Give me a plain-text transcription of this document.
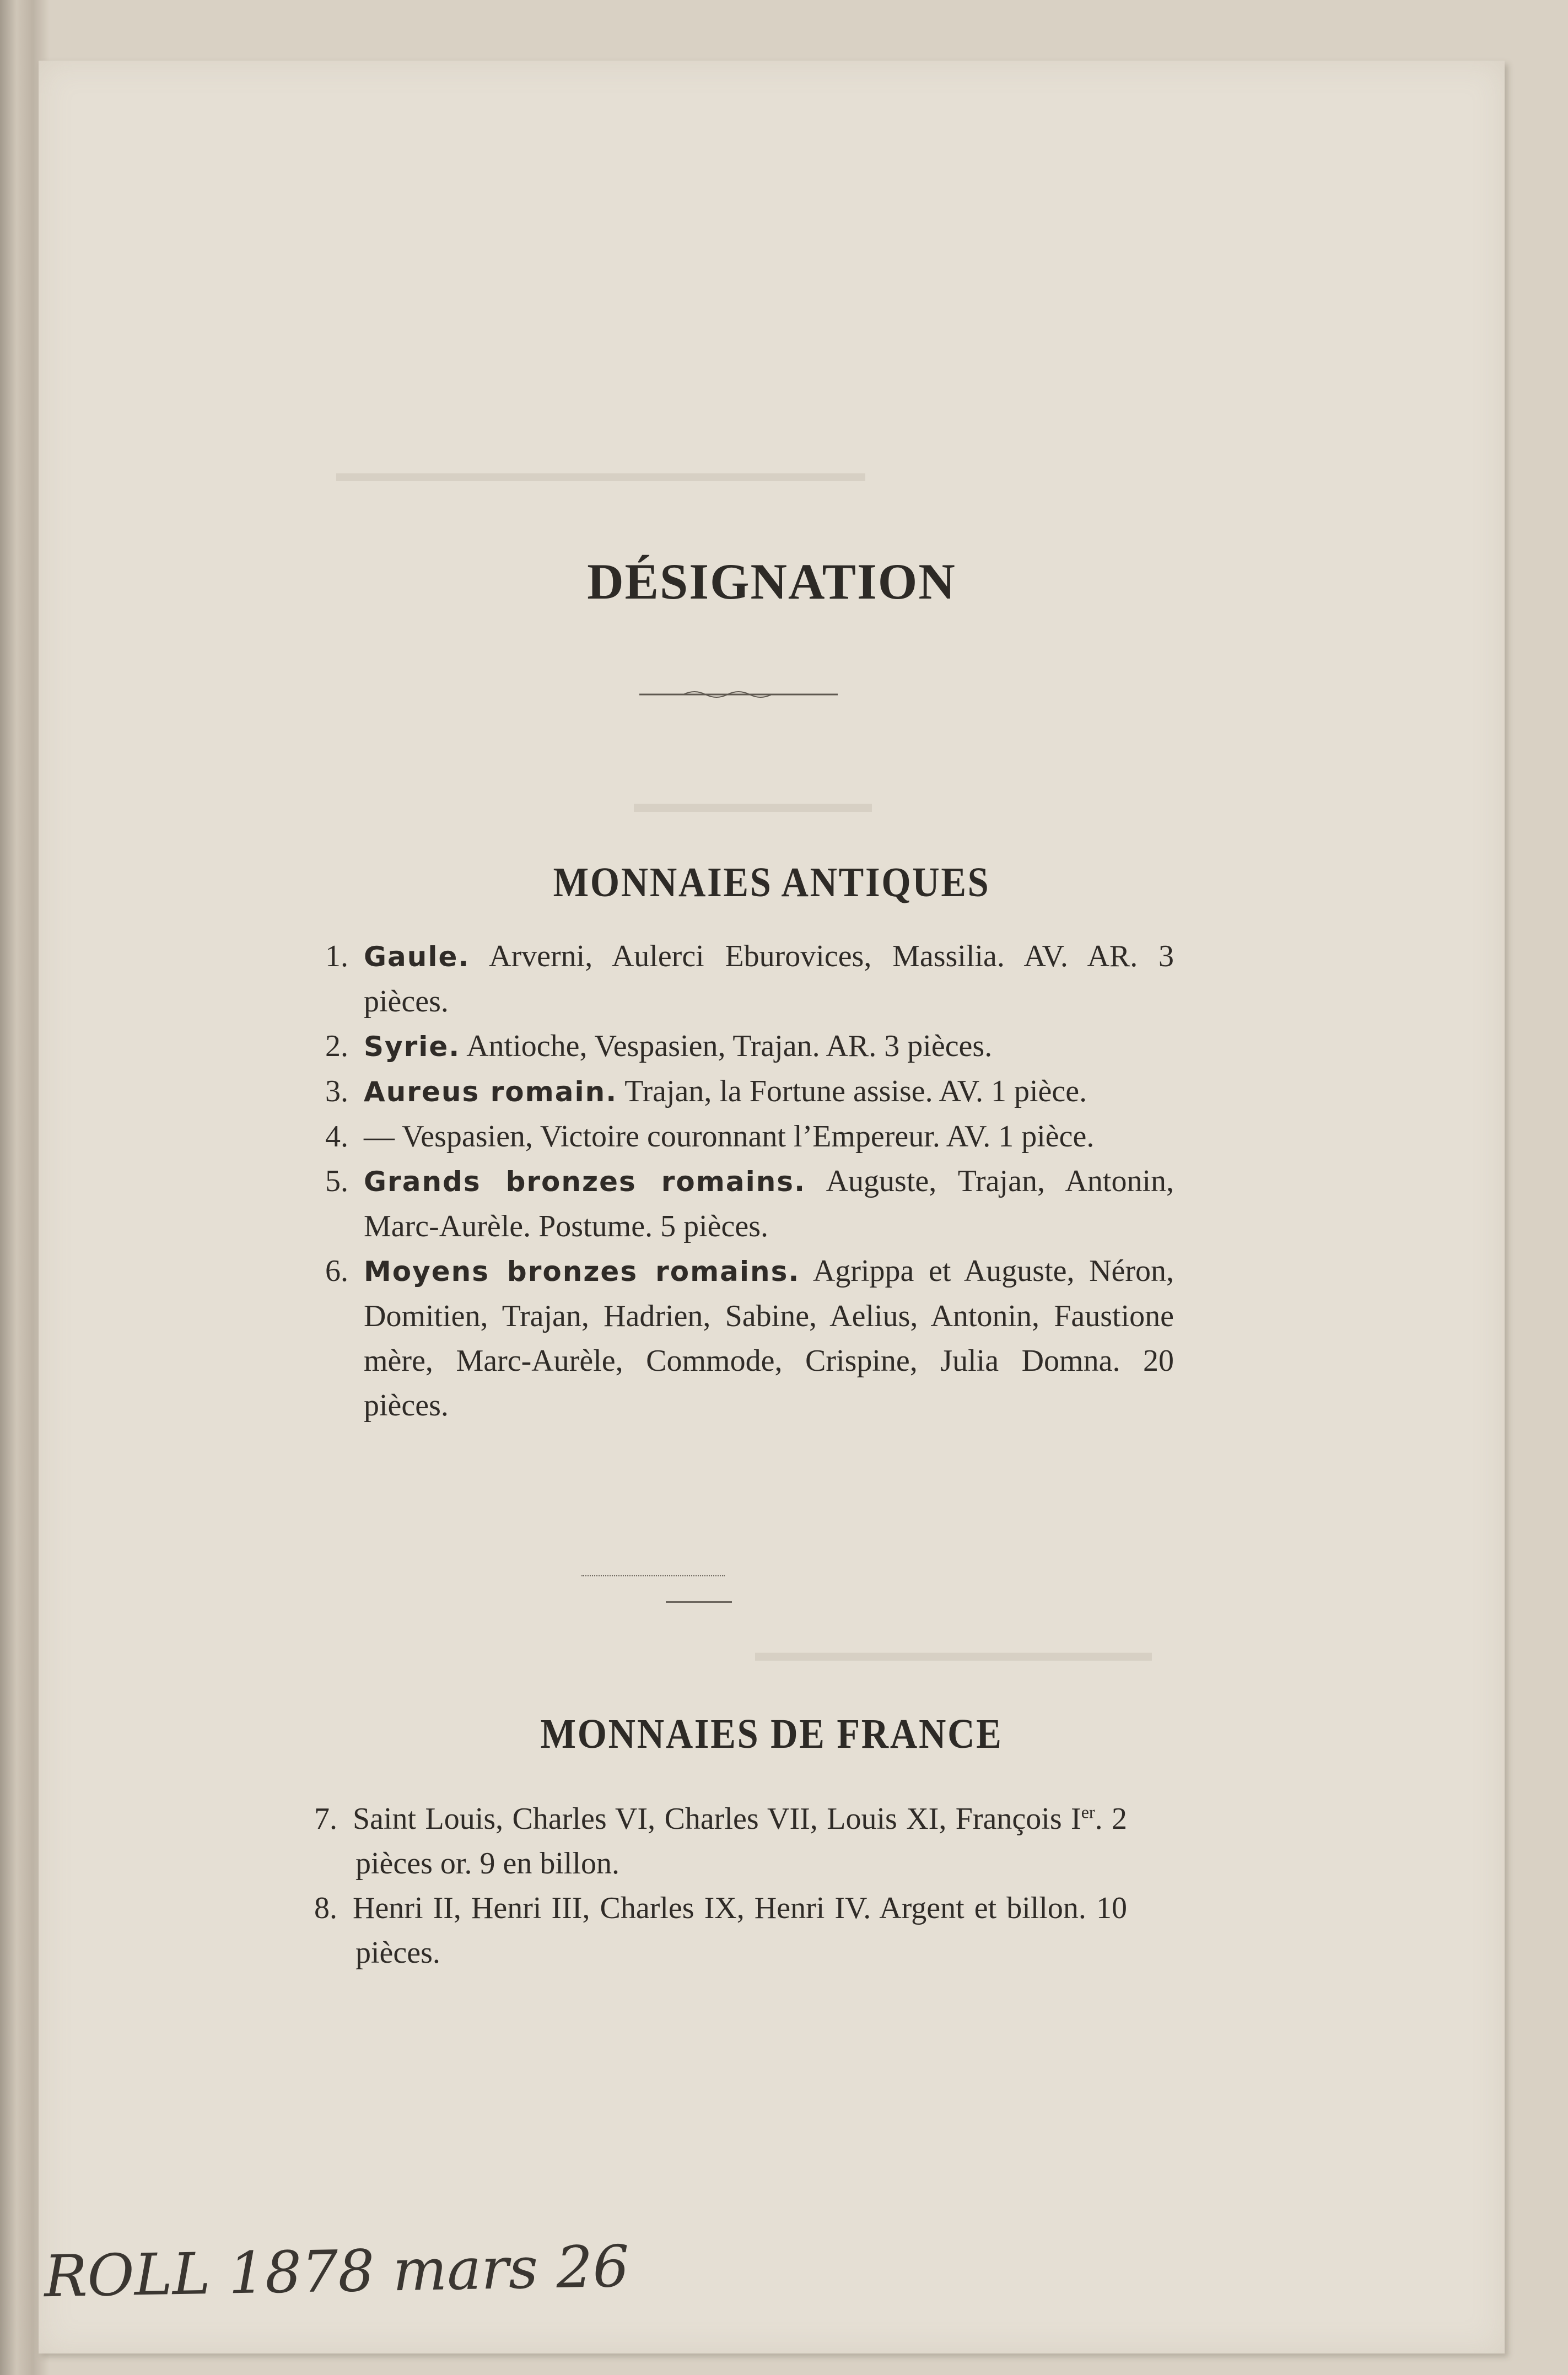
▬▬▬▬▬▬▬▬▬▬▬▬▬▬▬▬▬▬▬▬
▬▬▬▬▬▬▬▬▬
▬▬▬▬▬▬▬▬▬▬▬▬▬▬▬
DÉSIGNATION
MONNAIES ANTIQUES

1. Gaule. Arverni, Aulerci Eburovices, Massilia. AV. AR. 3 pièces.

2. Syrie. Antioche, Vespasien, Trajan. AR. 3 pièces.

3. Aureus romain. Trajan, la Fortune assise. AV. 1 pièce.

4. — Vespasien, Victoire couronnant l’Empereur. AV. 1 pièce.

5. Grands bronzes romains. Auguste, Trajan, Antonin, Marc-Aurèle. Postume. 5 pièces.

6. Moyens bronzes romains. Agrippa et Auguste, Néron, Domitien, Trajan, Hadrien, Sabine, Aelius, Antonin, Faustione mère, Marc-Aurèle, Commode, Crispine, Julia Domna. 20 pièces.

MONNAIES DE FRANCE

7. Saint Louis, Charles VI, Charles VII, Louis XI, François Ier. 2 pièces or. 9 en billon.

8. Henri II, Henri III, Charles IX, Henri IV. Argent et billon. 10 pièces.

ROLL 1878 mars 26
